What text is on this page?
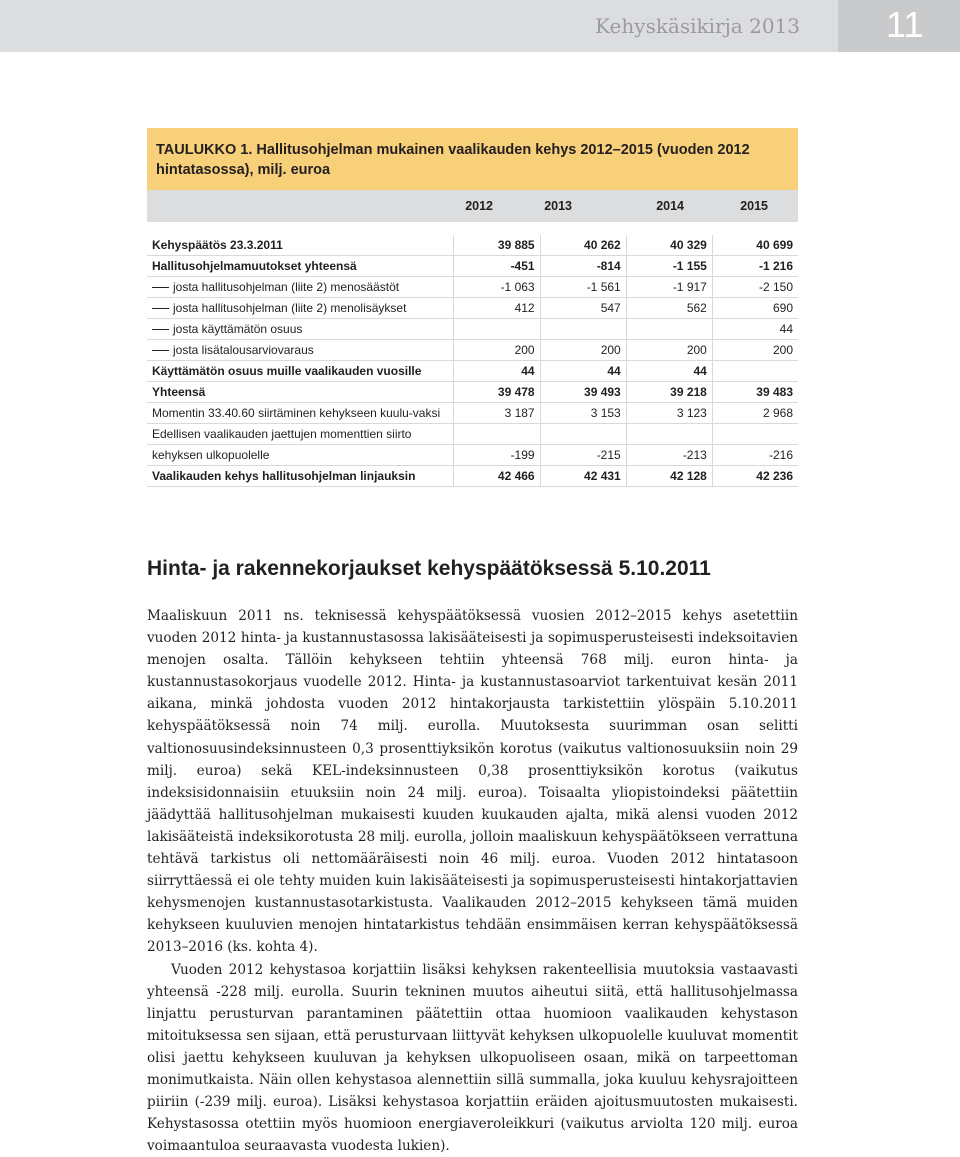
Kehyskäsikirja 2013	11
TAULUKKO 1. Hallitusohjelman mukainen vaalikauden kehys 2012–2015 (vuoden 2012 hintatasossa), milj. euroa
2012	2013	2014	2015
Kehyspäätös 23.3.2011	39 885	40 262	40 329	40 699
Hallitusohjelmamuutokset yhteensä	-451	-814	-1 155	-1 216
josta hallitusohjelman (liite 2) menosäästöt	-1 063	-1 561	-1 917	-2 150
josta hallitusohjelman (liite 2) menolisäykset	412	547	562	690
josta käyttämätön osuus				44
josta lisätalousarviovaraus	200	200	200	200
Käyttämätön osuus muille vaalikauden vuosille	44	44	44	
Yhteensä	39 478	39 493	39 218	39 483
Momentin 33.40.60 siirtäminen kehykseen kuulu-vaksi	3 187	3 153	3 123	2 968
Edellisen vaalikauden jaettujen momenttien siirto				
kehyksen ulkopuolelle	-199	-215	-213	-216
Vaalikauden kehys hallitusohjelman linjauksin	42 466	42 431	42 128	42 236
Hinta- ja rakennekorjaukset kehyspäätöksessä 5.10.2011

Maaliskuun 2011 ns. teknisessä kehyspäätöksessä vuosien 2012–2015 kehys asetettiin vuoden 2012 hinta- ja kustannustasossa lakisääteisesti ja sopimusperusteisesti indeksoitavien menojen osalta. Tällöin kehykseen tehtiin yhteensä 768 milj. euron hinta- ja kustannustasokorjaus vuodelle 2012. Hinta- ja kustannustasoarviot tarkentuivat kesän 2011 aikana, minkä johdosta vuoden 2012 hintakorjausta tarkistettiin ylöspäin 5.10.2011 kehyspäätöksessä noin 74 milj. eurolla. Muutoksesta suurimman osan selitti valtionosuusindeksinnusteen 0,3 prosenttiyksikön korotus (vaikutus valtionosuuksiin noin 29 milj. euroa) sekä KEL-indeksinnusteen 0,38 prosenttiyksikön korotus (vaikutus indeksisidonnaisiin etuuksiin noin 24 milj. euroa). Toisaalta yliopistoindeksi päätettiin jäädyttää hallitusohjelman mukaisesti kuuden kuukauden ajalta, mikä alensi vuoden 2012 lakisääteistä indeksikorotusta 28 milj. eurolla, jolloin maaliskuun kehyspäätökseen verrattuna tehtävä tarkistus oli nettomääräisesti noin 46 milj. euroa. Vuoden 2012 hintatasoon siirryttäessä ei ole tehty muiden kuin lakisääteisesti ja sopimusperusteisesti hintakorjattavien kehysmenojen kustannustasotarkistusta. Vaalikauden 2012–2015 kehykseen tämä muiden kehykseen kuuluvien menojen hintatarkistus tehdään ensimmäisen kerran kehyspäätöksessä 2013–2016 (ks. kohta 4).

Vuoden 2012 kehystasoa korjattiin lisäksi kehyksen rakenteellisia muutoksia vastaavasti yhteensä -228 milj. eurolla. Suurin tekninen muutos aiheutui siitä, että hallitusohjelmassa linjattu perusturvan parantaminen päätettiin ottaa huomioon vaalikauden kehystason mitoituksessa sen sijaan, että perusturvaan liittyvät kehyksen ulkopuolelle kuuluvat momentit olisi jaettu kehykseen kuuluvan ja kehyksen ulkopuoliseen osaan, mikä on tarpeettoman monimutkaista. Näin ollen kehystasoa alennettiin sillä summalla, joka kuuluu kehysrajoitteen piiriin (-239 milj. euroa). Lisäksi kehystasoa korjattiin eräiden ajoitusmuutosten mukaisesti. Kehystasossa otettiin myös huomioon energiaveroleikkuri (vaikutus arviolta 120 milj. euroa voimaantuloa seuraavasta vuodesta lukien).
